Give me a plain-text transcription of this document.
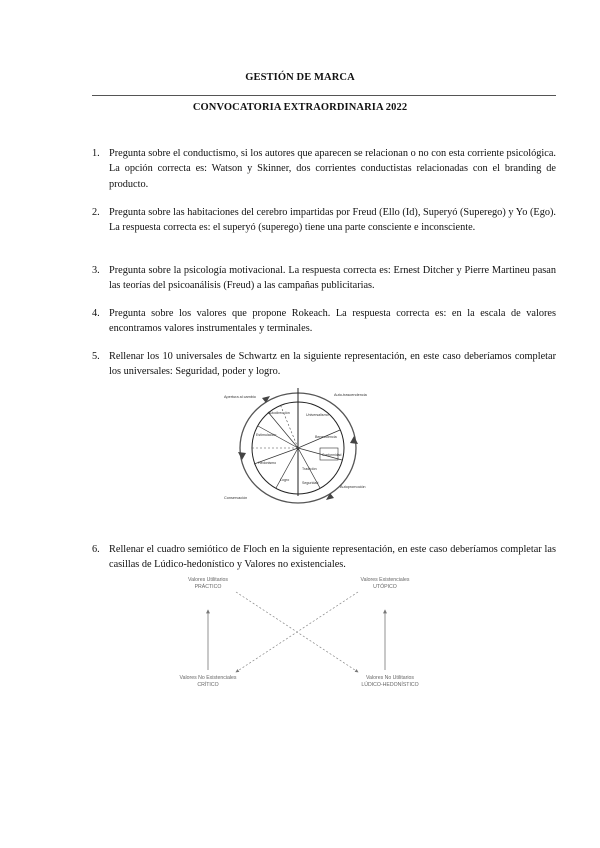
GESTIÓN DE MARCA
CONVOCATORIA EXTRAORDINARIA 2022
1. Pregunta sobre el conductismo, si los autores que aparecen se relacionan o no con esta corriente psicológica. La opción correcta es: Watson y Skinner, dos corrientes conductistas relacionadas con el branding de producto.
2. Pregunta sobre las habitaciones del cerebro impartidas por Freud (Ello (Id), Superyó (Superego) y Yo (Ego). La respuesta correcta es: el superyó (superego) tiene una parte consciente e inconsciente.
3. Pregunta sobre la psicología motivacional. La respuesta correcta es: Ernest Ditcher y Pierre Martineu pasan las teorías del psicoanálisis (Freud) a las campañas publicitarias.
4. Pregunta sobre los valores que propone Rokeach. La respuesta correcta es: en la escala de valores encontramos valores instrumentales y terminales.
5. Rellenar los 10 universales de Schwartz en la siguiente representación, en este caso deberíamos completar los universales: Seguridad, poder y logro.
Apertura al cambio	Auto-trascendencia
Conservación
Autopromoción
Universalismo
Benevolencia
Conformidad
Tradición
Seguridad
Logro
Hedonismo
Estimulación
Autodirección
6. Rellenar el cuadro semiótico de Floch en la siguiente representación, en este caso deberíamos completar las casillas de Lúdico-hedonístico y Valores no existenciales.
Valores Utilitarios
PRÁCTICO
Valores Existenciales
UTÓPICO
Valores No Existenciales
CRÍTICO
Valores No Utilitarios
LÚDICO-HEDONÍSTICO
